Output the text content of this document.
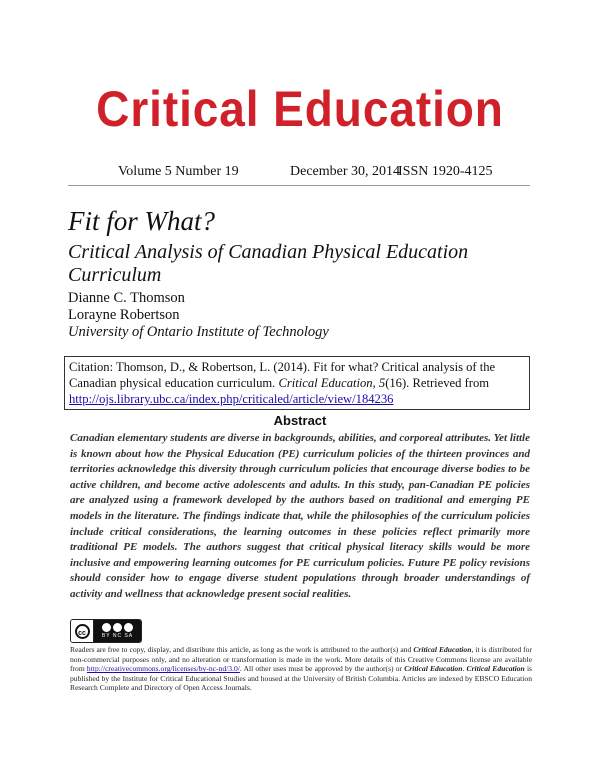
Critical Education
Volume 5 Number 19	December 30, 2014
ISSN 1920-4125
Fit for What?
Critical Analysis of Canadian Physical Education Curriculum
Dianne C. Thomson
Lorayne Robertson
University of Ontario Institute of Technology
Citation: Thomson, D., & Robertson, L. (2014). Fit for what? Critical analysis of the Canadian physical education curriculum. Critical Education, 5(16). Retrieved from
http://ojs.library.ubc.ca/index.php/criticaled/article/view/184236
Abstract
Canadian elementary students are diverse in backgrounds, abilities, and corporeal attributes. Yet little is known about how the Physical Education (PE) curriculum policies of the thirteen provinces and territories acknowledge this diversity through curriculum policies that encourage diverse bodies to be active children, and become active adolescents and adults. In this study, pan-Canadian PE policies are analyzed using a framework developed by the authors based on traditional and emerging PE models in the literature. The findings indicate that, while the philosophies of the curriculum policies include critical considerations, the learning outcomes in these policies reflect primarily more traditional PE models. The authors suggest that critical physical literacy skills would be more inclusive and empowering learning outcomes for PE curriculum policies. Future PE policy revisions should consider how to engage diverse student populations through broader understandings of activity and wellness that acknowledge present social realities.
cc	BY NC SA
Readers are free to copy, display, and distribute this article, as long as the work is attributed to the author(s) and Critical Education, it is distributed for non-commercial purposes only, and no alteration or transformation is made in the work. More details of this Creative Commons license are available from http://creativecommons.org/licenses/by-nc-nd/3.0/. All other uses must be approved by the author(s) or Critical Education. Critical Education is published by the Institute for Critical Educational Studies and housed at the University of British Columbia. Articles are indexed by EBSCO Education Research Complete and Directory of Open Access Journals.
